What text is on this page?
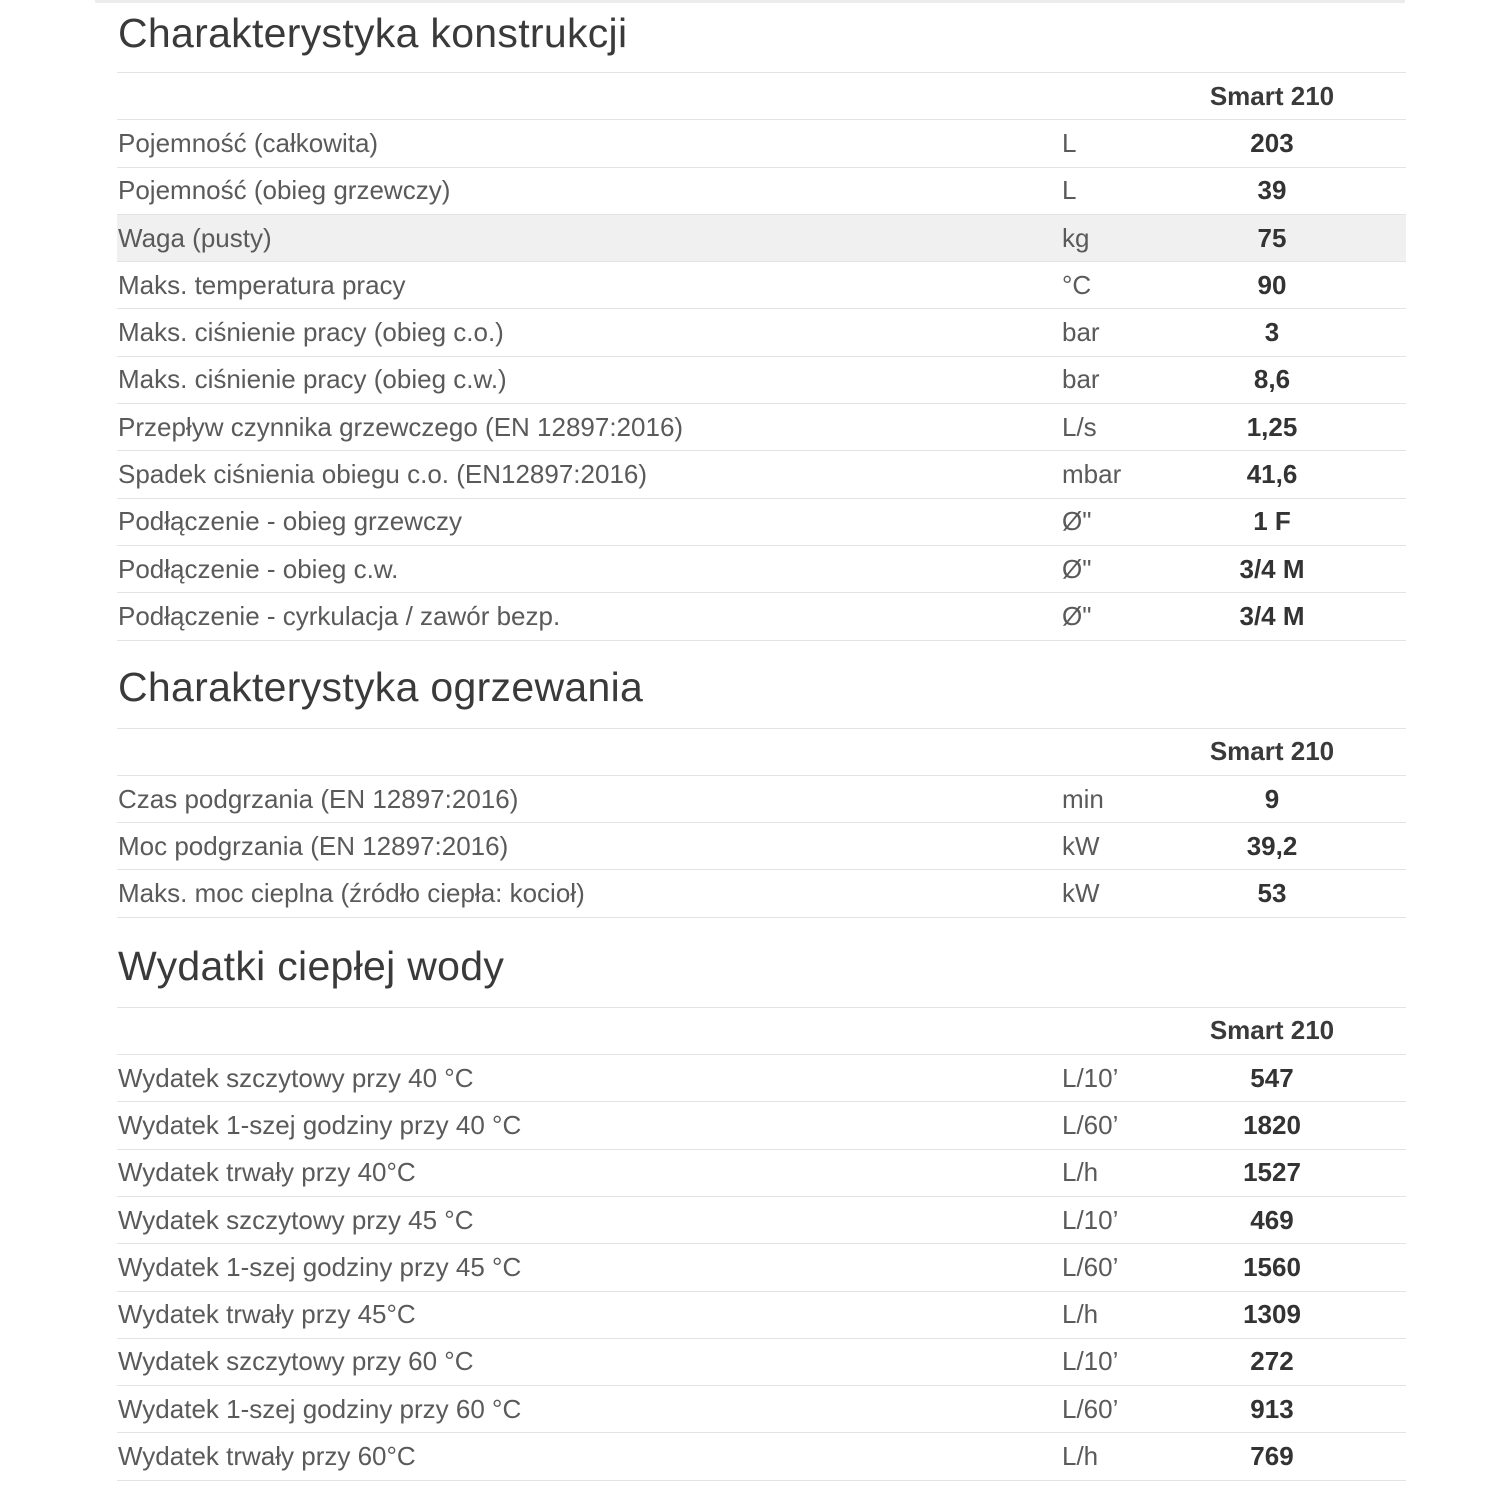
Charakterystyka konstrukcji
Smart 210
Pojemność (całkowita)	L	203
Pojemność (obieg grzewczy)	L	39
Waga (pusty)	kg	75
Maks. temperatura pracy	°C	90
Maks. ciśnienie pracy (obieg c.o.)	bar	3
Maks. ciśnienie pracy (obieg c.w.)	bar	8,6
Przepływ czynnika grzewczego (EN 12897:2016)	L/s	1,25
Spadek ciśnienia obiegu c.o. (EN12897:2016)	mbar	41,6
Podłączenie - obieg grzewczy	Ø"	1 F
Podłączenie - obieg c.w.	Ø"	3/4 M
Podłączenie - cyrkulacja / zawór bezp.	Ø"	3/4 M
Charakterystyka ogrzewania
Smart 210
Czas podgrzania (EN 12897:2016)	min	9
Moc podgrzania (EN 12897:2016)	kW	39,2
Maks. moc cieplna (źródło ciepła: kocioł)	kW	53
Wydatki ciepłej wody
Smart 210
Wydatek szczytowy przy 40 °C	L/10’	547
Wydatek 1-szej godziny przy 40 °C	L/60’	1820
Wydatek trwały przy 40°C	L/h	1527
Wydatek szczytowy przy 45 °C	L/10’	469
Wydatek 1-szej godziny przy 45 °C	L/60’	1560
Wydatek trwały przy 45°C	L/h	1309
Wydatek szczytowy przy 60 °C	L/10’	272
Wydatek 1-szej godziny przy 60 °C	L/60’	913
Wydatek trwały przy 60°C	L/h	769
